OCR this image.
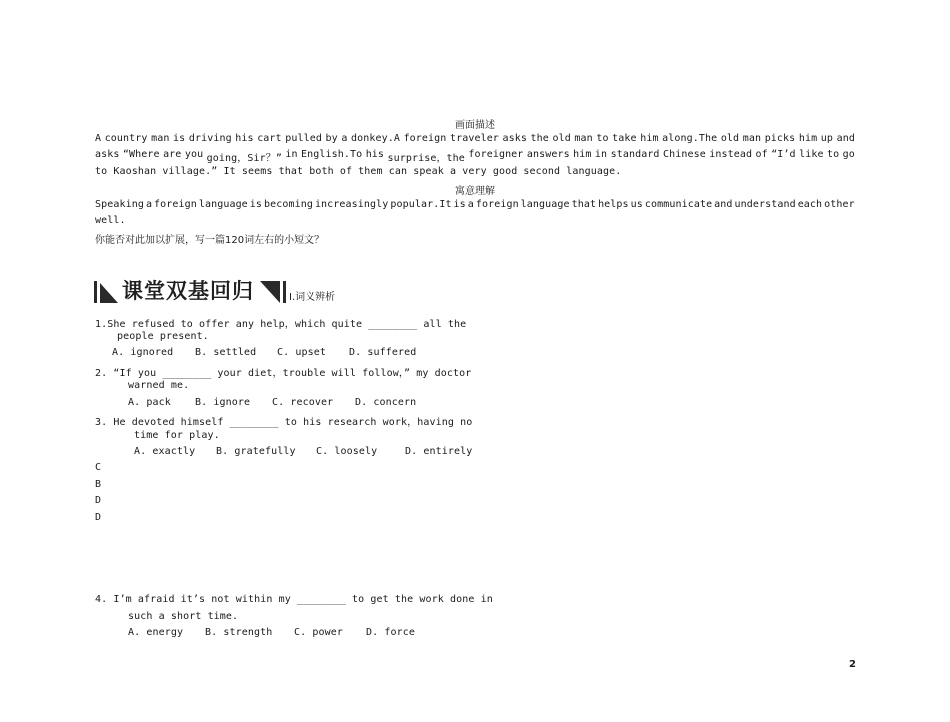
画面描述
A country man is driving his cart pulled by a donkey.A foreign traveler asks the old man to take him along.The old man picks him up and
asks “Where are you going，Sir？” in English.To his surprise，the foreigner answers him in standard Chinese instead of “I’d like to go
to Kaoshan village.” It seems that both of them can speak a very good second language.
寓意理解
Speaking a foreign language is becoming increasingly popular.It is a foreign language that helps us communicate and understand each other
well.
你能否对此加以扩展，写一篇120词左右的小短文？
课堂双基回归	Ⅰ.词义辨析
1.She refused to offer any help，which quite ________ all the
people present.
A. ignored B. settled C. upset D. suffered
2. “If you ________ your diet，trouble will follow，” my doctor
warned me.
A. pack B. ignore C. recover D. concern
3. He devoted himself ________ to his research work，having no
time for play.
A. exactly B. gratefully C. loosely	D. entirely
C
B
D
D
4. I’m afraid it’s not within my ________ to get the work done in
such a short time.
A. energy B. strength C. power D. force
2
